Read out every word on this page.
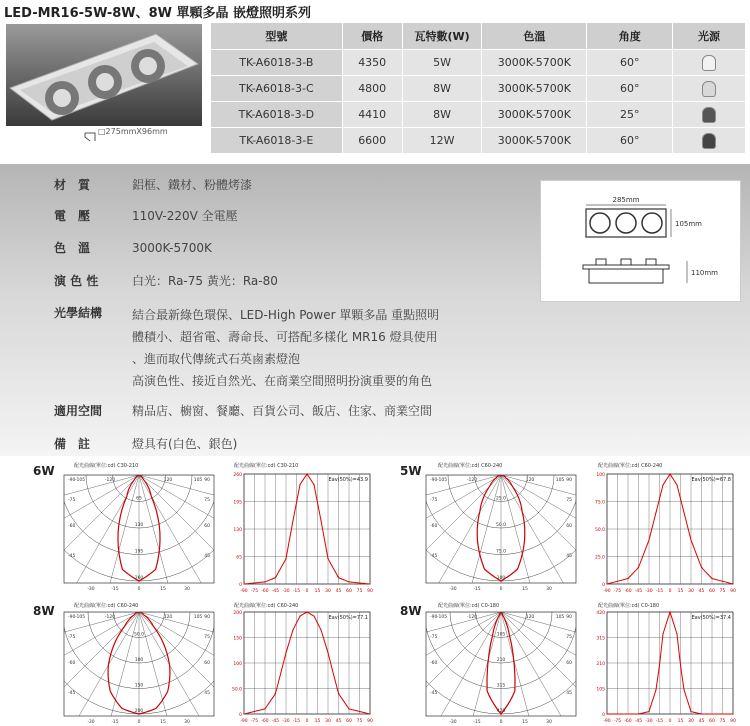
LED-MR16-5W-8W、8W 單顆多晶 嵌燈照明系列
□275mmX96mm
型號	價格	瓦特數(W)	色溫	角度	光源
TK-A6018-3-B	4350	5W	3000K-5700K	60°	
TK-A6018-3-C	4800	8W	3000K-5700K	60°	
TK-A6018-3-D	4410	8W	3000K-5700K	25°	
TK-A6018-3-E	6600	12W	3000K-5700K	60°	
材　質	鋁框、鐵材、粉體烤漆
電　壓	110V-220V 全電壓
色　溫	3000K-5700K
演 色 性	白光：Ra-75 黃光：Ra-80
光學結構	結合最新綠色環保、LED-High Power 單顆多晶 重點照明
體積小、超省電、壽命長、可搭配多樣化 MR16 燈具使用
、進而取代傳統式石英鹵素燈泡
高演色性、接近自然光、在商業空間照明扮演重要的角色
適用空間 精品店、櫥窗、餐廳、百貨公司、飯店、住家、商業空間
備　註	燈具有(白色、銀色)
285mm
105mm
110mm
6W	配光曲線(單位:cd) C30-210
65
130
195
260
-90	90
-75	75
-60	60
-45	45
-105	-120	120	105
-30	-15	0	15	30
配光曲線(單位:cd) C30-210
-90 -75 -60 -45 -30 -15 0 15 30 45 60 75 90
260
195
130
65
0
Eav(50%)=43.9
5W	配光曲線(單位:cd) C60-240
25.0
50.0
75.0
100
-90	90
-75	75
-60	60
-45	45
-105	-120	120	105
-30	-15	0	15	30
配光曲線(單位:cd) C60-240
-90 -75 -60 -45 -30 -15 0 15 30 45 60 75 90
100
75.0
50.0
25.0
0
Eav(50%)=67.8
8W	配光曲線(單位:cd) C60-240
50.0
100
150
200
-90	90
-75	75
-60	60
-45	45
-105	-120	120	105
-30	-15	0	15	30
配光曲線(單位:cd) C60-240
-90 -75 -60 -45 -30 -15 0 15 30 45 60 75 90
200
150
100
50.0
0
Eav(50%)=77.1	8W	配光曲線(單位:cd) C0-180
105
210
315
420
-90	90
-75	75
-60	60
-45	45
-105	-120	120	105
-30	-15	0	15	30
配光曲線(單位:cd) C0-180
-90 -75 -60 -45 -30 -15 0 15 30 45 60 75 90
420
315
210
105
0
Eav(50%)=37.4
